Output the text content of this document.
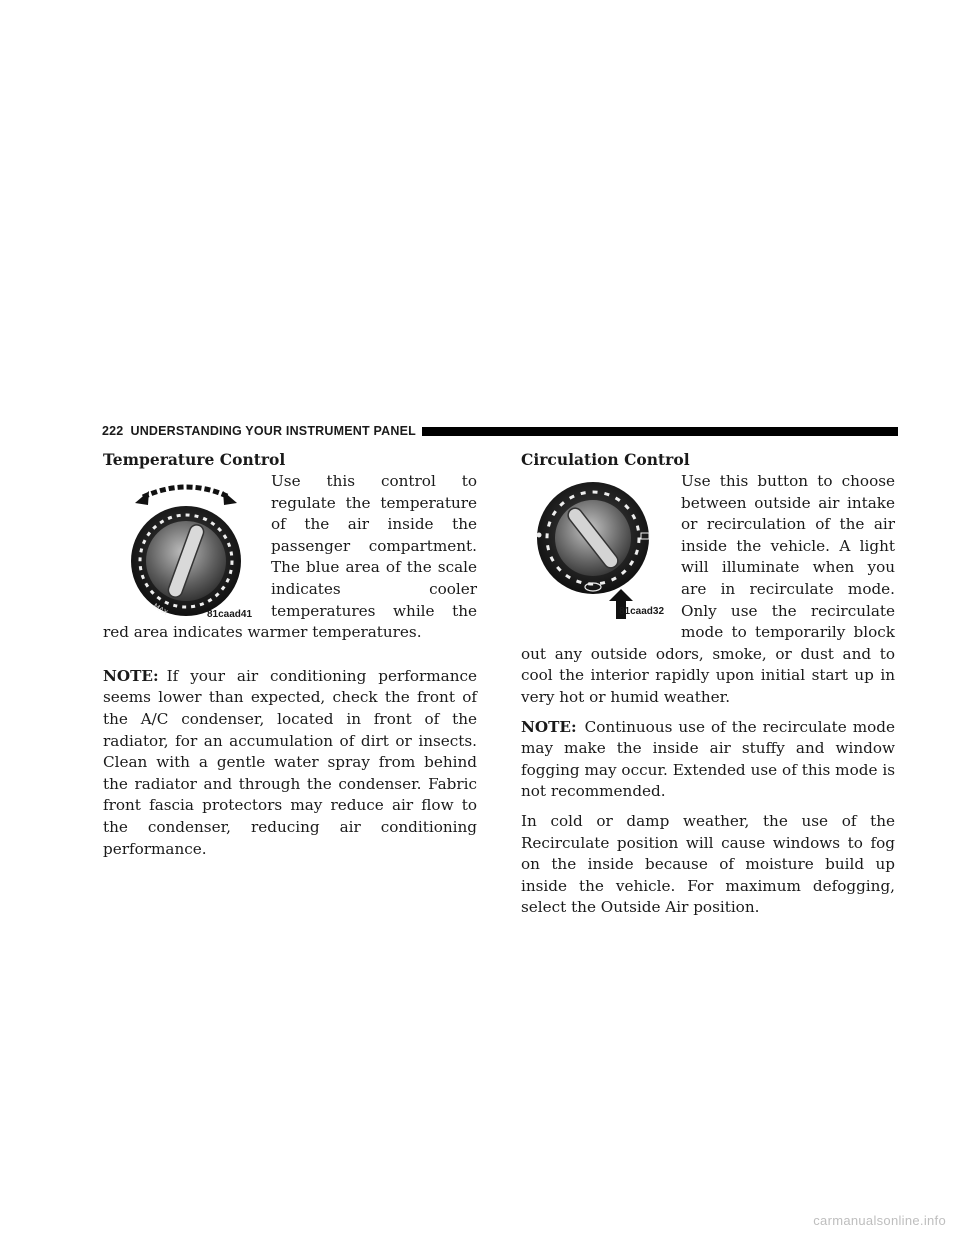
222 UNDERSTANDING YOUR INSTRUMENT PANEL
Temperature Control
MAX	81caad41

Use this control to regulate the temperature of the air inside the passenger compartment. The blue area of the scale indicates cooler temperatures while the red area indicates warmer temperatures.

NOTE: If your air conditioning performance seems lower than expected, check the front of the A/C condenser, located in front of the radiator, for an accumulation of dirt or insects. Clean with a gentle water spray from behind the radiator and through the condenser. Fabric front fascia protectors may reduce air flow to the condenser, reducing air conditioning performance.

Circulation Control
81caad32

Use this button to choose between outside air intake or recirculation of the air inside the vehicle. A light will illuminate when you are in recirculate mode. Only use the recirculate mode to temporarily block out any outside odors, smoke, or dust and to cool the interior rapidly upon initial start up in very hot or humid weather.

NOTE: Continuous use of the recirculate mode may make the inside air stuffy and window fogging may occur. Extended use of this mode is not recommended.

In cold or damp weather, the use of the Recirculate position will cause windows to fog on the inside because of moisture build up inside the vehicle. For maximum defogging, select the Outside Air position.

carmanualsonline.info
